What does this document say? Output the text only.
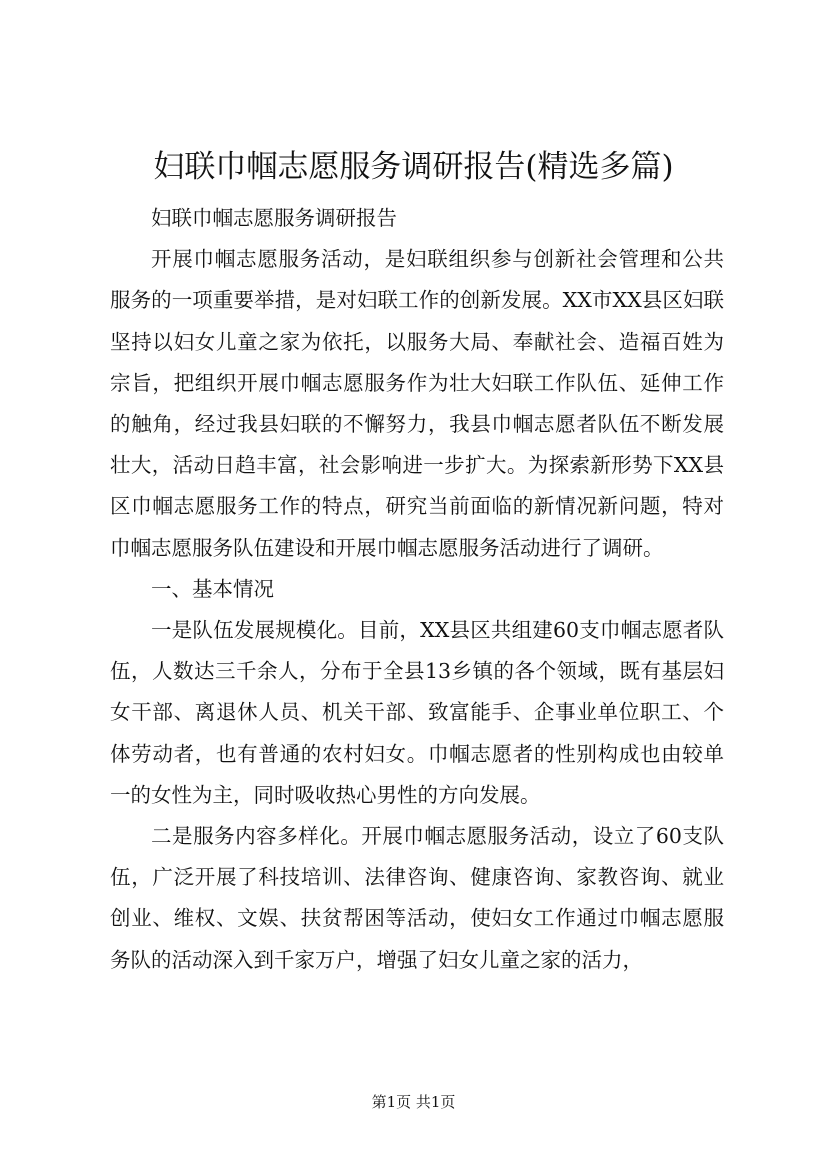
妇联巾帼志愿服务调研报告(精选多篇)

妇联巾帼志愿服务调研报告

开展巾帼志愿服务活动，是妇联组织参与创新社会管理和公共服务的一项重要举措，是对妇联工作的创新发展。XX市XX县区妇联坚持以妇女儿童之家为依托，以服务大局、奉献社会、造福百姓为宗旨，把组织开展巾帼志愿服务作为壮大妇联工作队伍、延伸工作的触角，经过我县妇联的不懈努力，我县巾帼志愿者队伍不断发展壮大，活动日趋丰富，社会影响进一步扩大。为探索新形势下XX县区巾帼志愿服务工作的特点，研究当前面临的新情况新问题，特对巾帼志愿服务队伍建设和开展巾帼志愿服务活动进行了调研。

一、基本情况

一是队伍发展规模化。目前，XX县区共组建60支巾帼志愿者队伍，人数达三千余人，分布于全县13乡镇的各个领域，既有基层妇女干部、离退休人员、机关干部、致富能手、企事业单位职工、个体劳动者，也有普通的农村妇女。巾帼志愿者的性别构成也由较单一的女性为主，同时吸收热心男性的方向发展。

二是服务内容多样化。开展巾帼志愿服务活动，设立了60支队伍，广泛开展了科技培训、法律咨询、健康咨询、家教咨询、就业创业、维权、文娱、扶贫帮困等活动，使妇女工作通过巾帼志愿服务队的活动深入到千家万户，增强了妇女儿童之家的活力，

第1页 共1页
